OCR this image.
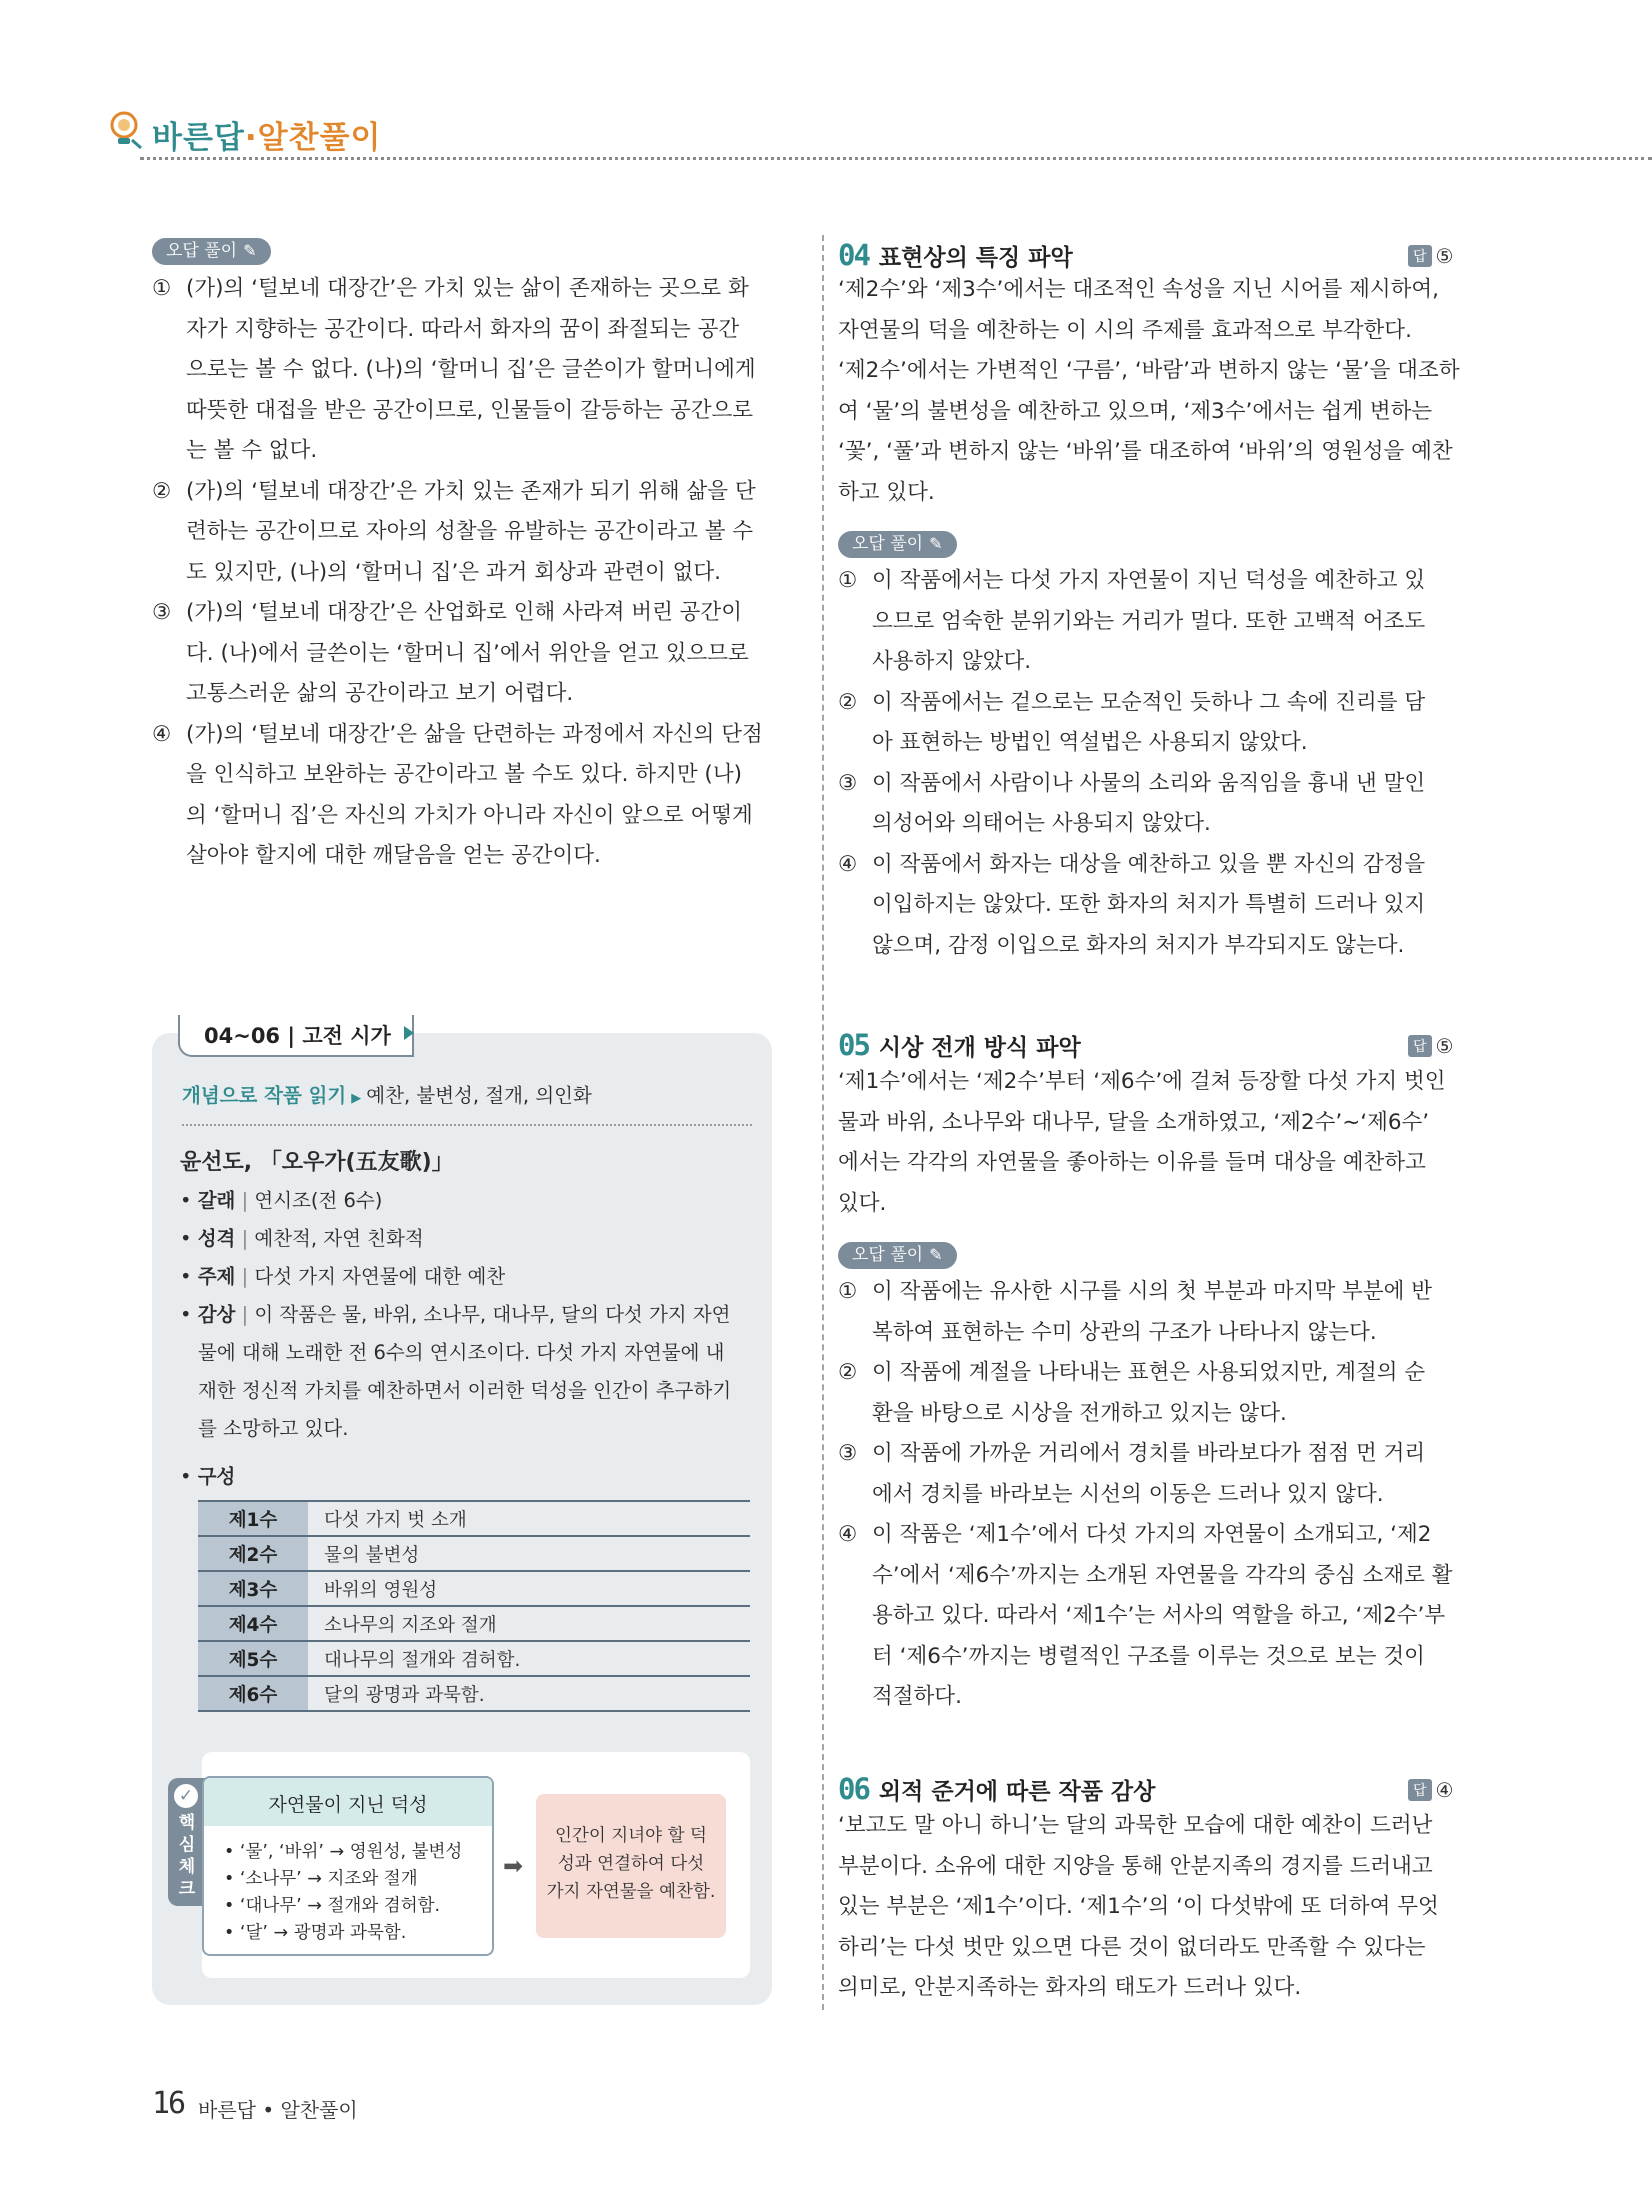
바른답·알찬풀이
오답 풀이 ✎
① (가)의 ‘털보네 대장간’은 가치 있는 삶이 존재하는 곳으로 화
자가 지향하는 공간이다. 따라서 화자의 꿈이 좌절되는 공간
으로는 볼 수 없다. (나)의 ‘할머니 집’은 글쓴이가 할머니에게
따뜻한 대접을 받은 공간이므로, 인물들이 갈등하는 공간으로
는 볼 수 없다.
② (가)의 ‘털보네 대장간’은 가치 있는 존재가 되기 위해 삶을 단
련하는 공간이므로 자아의 성찰을 유발하는 공간이라고 볼 수
도 있지만, (나)의 ‘할머니 집’은 과거 회상과 관련이 없다.
③ (가)의 ‘털보네 대장간’은 산업화로 인해 사라져 버린 공간이
다. (나)에서 글쓴이는 ‘할머니 집’에서 위안을 얻고 있으므로
고통스러운 삶의 공간이라고 보기 어렵다.
④ (가)의 ‘털보네 대장간’은 삶을 단련하는 과정에서 자신의 단점
을 인식하고 보완하는 공간이라고 볼 수도 있다. 하지만 (나)
의 ‘할머니 집’은 자신의 가치가 아니라 자신이 앞으로 어떻게
살아야 할지에 대한 깨달음을 얻는 공간이다.
04~06 | 고전 시가
개념으로 작품 읽기 ▶ 예찬, 불변성, 절개, 의인화
윤선도, 「오우가(五友歌)」
• 갈래 | 연시조(전 6수)
• 성격 | 예찬적, 자연 친화적
• 주제 | 다섯 가지 자연물에 대한 예찬
• 감상 | 이 작품은 물, 바위, 소나무, 대나무, 달의 다섯 가지 자연
물에 대해 노래한 전 6수의 연시조이다. 다섯 가지 자연물에 내
재한 정신적 가치를 예찬하면서 이러한 덕성을 인간이 추구하기
를 소망하고 있다.
• 구성
제1수	다섯 가지 벗 소개
제2수	물의 불변성
제3수	바위의 영원성
제4수	소나무의 지조와 절개
제5수	대나무의 절개와 겸허함.
제6수	달의 광명과 과묵함.
✓
핵
심
체
크
자연물이 지닌 덕성
• ‘물’, ‘바위’ → 영원성, 불변성
• ‘소나무’ → 지조와 절개
• ‘대나무’ → 절개와 겸허함.
• ‘달’ → 광명과 과묵함.
➡
인간이 지녀야 할 덕
성과 연결하여 다섯
가지 자연물을 예찬함.
04 표현상의 특징 파악	답 ⑤
‘제2수’와 ‘제3수’에서는 대조적인 속성을 지닌 시어를 제시하여,
자연물의 덕을 예찬하는 이 시의 주제를 효과적으로 부각한다.
‘제2수’에서는 가변적인 ‘구름’, ‘바람’과 변하지 않는 ‘물’을 대조하
여 ‘물’의 불변성을 예찬하고 있으며, ‘제3수’에서는 쉽게 변하는
‘꽃’, ‘풀’과 변하지 않는 ‘바위’를 대조하여 ‘바위’의 영원성을 예찬
하고 있다.
오답 풀이 ✎
① 이 작품에서는 다섯 가지 자연물이 지닌 덕성을 예찬하고 있
으므로 엄숙한 분위기와는 거리가 멀다. 또한 고백적 어조도
사용하지 않았다.
② 이 작품에서는 겉으로는 모순적인 듯하나 그 속에 진리를 담
아 표현하는 방법인 역설법은 사용되지 않았다.
③ 이 작품에서 사람이나 사물의 소리와 움직임을 흉내 낸 말인
의성어와 의태어는 사용되지 않았다.
④ 이 작품에서 화자는 대상을 예찬하고 있을 뿐 자신의 감정을
이입하지는 않았다. 또한 화자의 처지가 특별히 드러나 있지
않으며, 감정 이입으로 화자의 처지가 부각되지도 않는다.
05 시상 전개 방식 파악	답 ⑤
‘제1수’에서는 ‘제2수’부터 ‘제6수’에 걸쳐 등장할 다섯 가지 벗인
물과 바위, 소나무와 대나무, 달을 소개하였고, ‘제2수’~‘제6수’
에서는 각각의 자연물을 좋아하는 이유를 들며 대상을 예찬하고
있다.
오답 풀이 ✎
① 이 작품에는 유사한 시구를 시의 첫 부분과 마지막 부분에 반
복하여 표현하는 수미 상관의 구조가 나타나지 않는다.
② 이 작품에 계절을 나타내는 표현은 사용되었지만, 계절의 순
환을 바탕으로 시상을 전개하고 있지는 않다.
③ 이 작품에 가까운 거리에서 경치를 바라보다가 점점 먼 거리
에서 경치를 바라보는 시선의 이동은 드러나 있지 않다.
④ 이 작품은 ‘제1수’에서 다섯 가지의 자연물이 소개되고, ‘제2
수’에서 ‘제6수’까지는 소개된 자연물을 각각의 중심 소재로 활
용하고 있다. 따라서 ‘제1수’는 서사의 역할을 하고, ‘제2수’부
터 ‘제6수’까지는 병렬적인 구조를 이루는 것으로 보는 것이
적절하다.
06 외적 준거에 따른 작품 감상	답 ④
‘보고도 말 아니 하니’는 달의 과묵한 모습에 대한 예찬이 드러난
부분이다. 소유에 대한 지양을 통해 안분지족의 경지를 드러내고
있는 부분은 ‘제1수’이다. ‘제1수’의 ‘이 다섯밖에 또 더하여 무엇
하리’는 다섯 벗만 있으면 다른 것이 없더라도 만족할 수 있다는
의미로, 안분지족하는 화자의 태도가 드러나 있다.
16 바른답 • 알찬풀이
